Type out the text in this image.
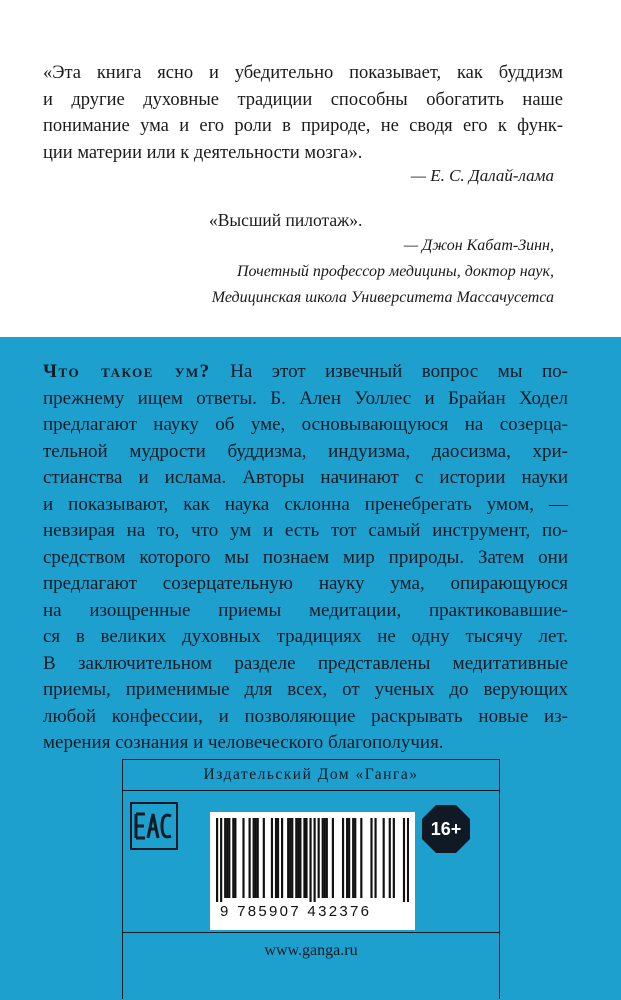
«Эта книга ясно и убедительно показывает, как буддизм
и другие духовные традиции способны обогатить наше
понимание ума и его роли в природе, не сводя его к функ-
ции материи или к деятельности мозга».
— Е. С. Далай-лама
«Высший пилотаж».
— Джон Кабат-Зинн,
Почетный профессор медицины, доктор наук,
Медицинская школа Университета Массачусетса
Что такое ум? На этот извечный вопрос мы по-
прежнему ищем ответы. Б. Ален Уоллес и Брайан Ходел
предлагают науку об уме, основывающуюся на созерца-
тельной мудрости буддизма, индуизма, даосизма, хри-
стианства и ислама. Авторы начинают с истории науки
и показывают, как наука склонна пренебрегать умом, —
невзирая на то, что ум и есть тот самый инструмент, по-
средством которого мы познаем мир природы. Затем они
предлагают созерцательную науку ума, опирающуюся
на изощренные приемы медитации, практиковавшие-
ся в великих духовных традициях не одну тысячу лет.
В заключительном разделе представлены медитативные
приемы, применимые для всех, от ученых до верующих
любой конфессии, и позволяющие раскрывать новые из-
мерения сознания и человеческого благополучия.
Издательский Дом «Ганга»
9 785907 432376
16+
www.ganga.ru
